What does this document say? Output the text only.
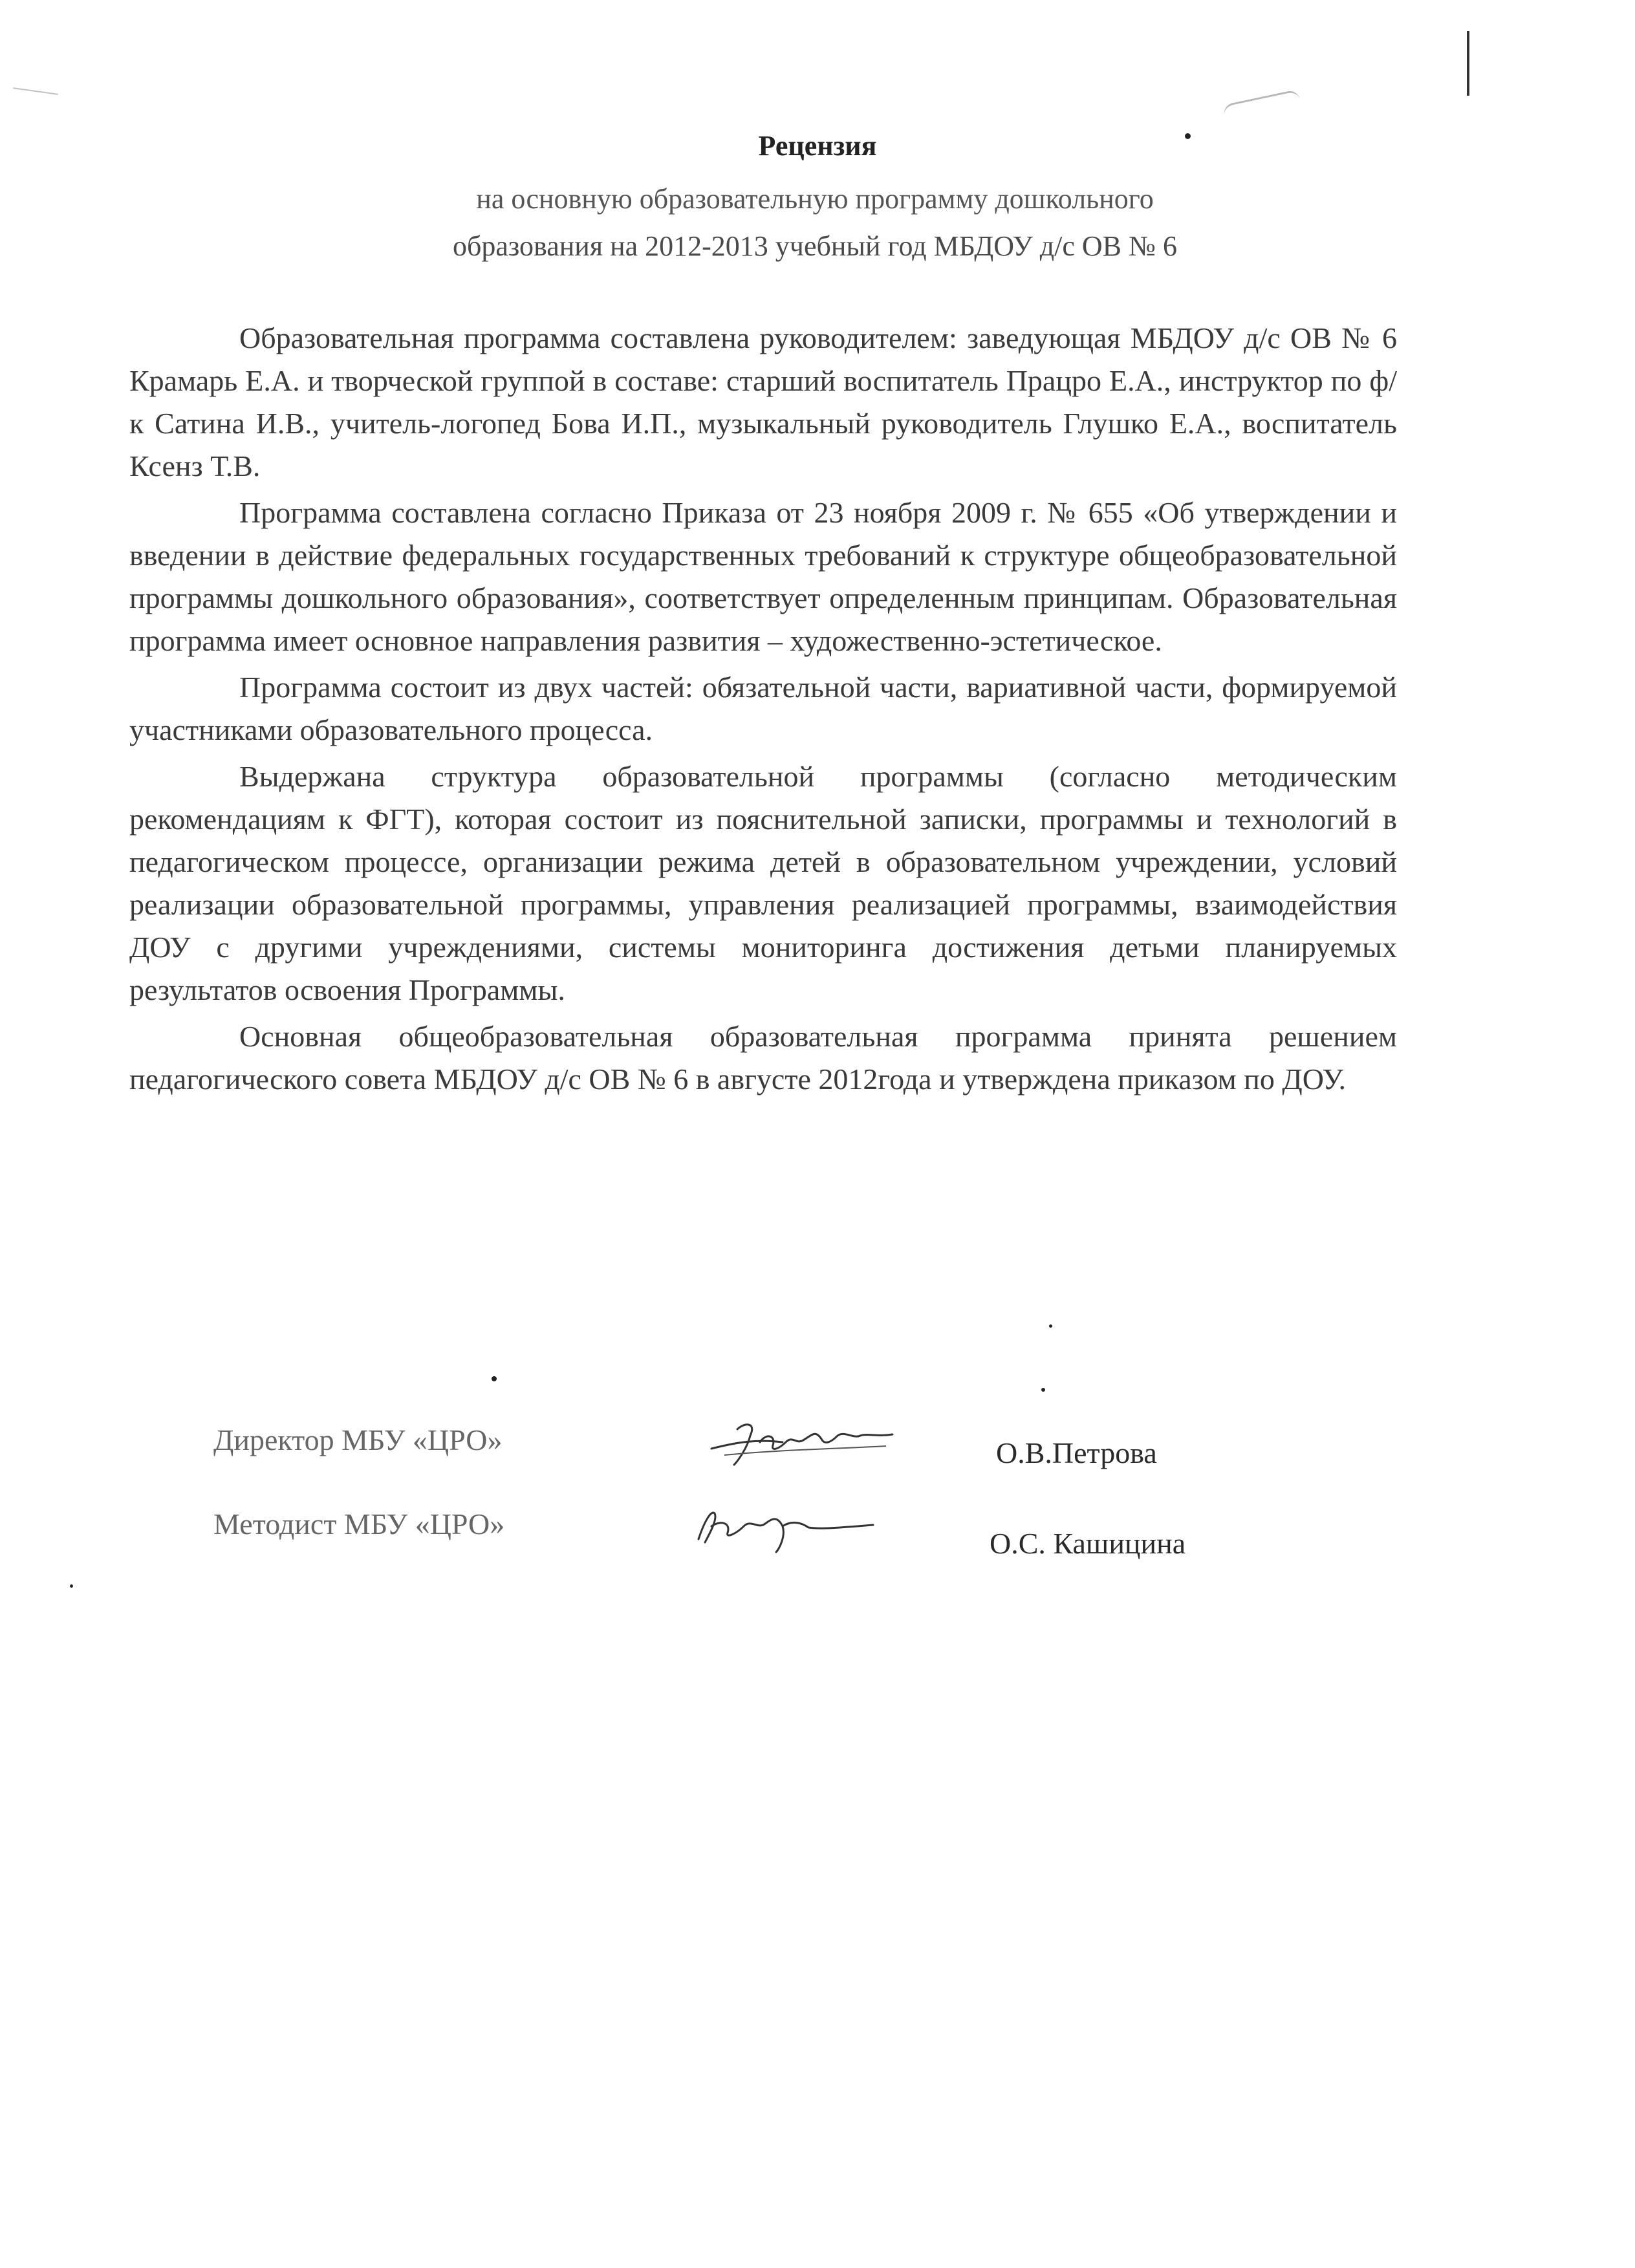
Рецензия
на основную образовательную программу дошкольного
образования на 2012-2013 учебный год МБДОУ д/с ОВ № 6

Образовательная программа составлена руководителем: заведующая МБДОУ д/с ОВ № 6 Крамарь Е.А. и творческой группой в составе: старший воспитатель Працро Е.А., инструктор по ф/к Сатина И.В., учитель-логопед Бова И.П., музыкальный руководитель Глушко Е.А., воспитатель Ксенз Т.В.

Программа составлена согласно Приказа от 23 ноября 2009 г. № 655 «Об утверждении и введении в действие федеральных государственных требований к структуре общеобразовательной программы дошкольного образования», соответствует определенным принципам. Образовательная программа имеет основное направления развития – художественно-эстетическое.

Программа состоит из двух частей: обязательной части, вариативной части, формируемой участниками образовательного процесса.

Выдержана структура образовательной программы (согласно методическим рекомендациям к ФГТ), которая состоит из пояснительной записки, программы и технологий в педагогическом процессе, организации режима детей в образовательном учреждении, условий реализации образовательной программы, управления реализацией программы, взаимодействия ДОУ с другими учреждениями, системы мониторинга достижения детьми планируемых результатов освоения Программы.

Основная общеобразовательная образовательная программа принята решением педагогического совета МБДОУ д/с ОВ № 6 в августе 2012года и утверждена приказом по ДОУ.

Директор МБУ «ЦРО»	О.В.Петрова
Методист МБУ «ЦРО»
О.С. Кашицина
